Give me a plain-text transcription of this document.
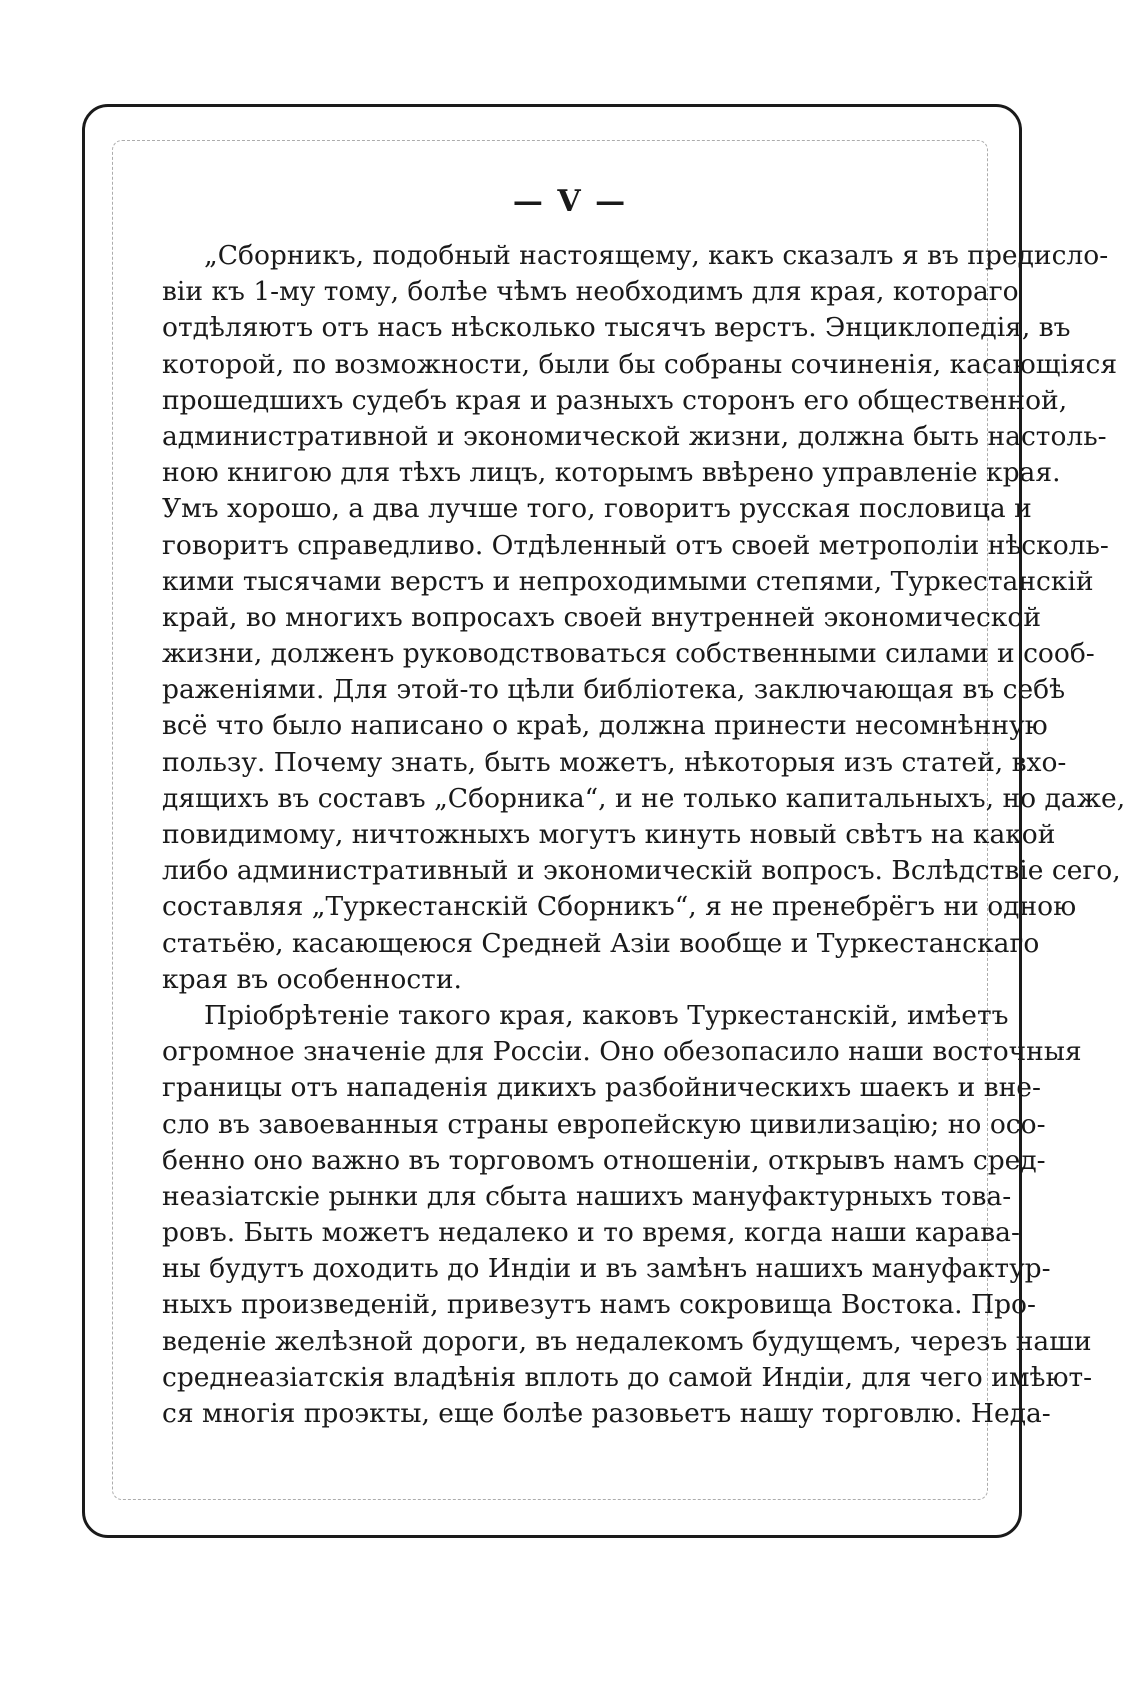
— V —
„Сборникъ, подобный настоящему, какъ сказалъ я въ предисло-
віи къ 1-му тому, болѣе чѣмъ необходимъ для края, котораго
отдѣляютъ отъ насъ нѣсколько тысячъ верстъ. Энциклопедія, въ
которой, по возможности, были бы собраны сочиненія, касающіяся
прошедшихъ судебъ края и разныхъ сторонъ его общественной,
административной и экономической жизни, должна быть настоль-
ною книгою для тѣхъ лицъ, которымъ ввѣрено управленіе края.
Умъ хорошо, а два лучше того, говоритъ русская пословица и
говоритъ справедливо. Отдѣленный отъ своей метрополіи нѣсколь-
кими тысячами верстъ и непроходимыми степями, Туркестанскій
край, во многихъ вопросахъ своей внутренней экономической
жизни, долженъ руководствоваться собственными силами и сооб-
раженіями. Для этой-то цѣли библіотека, заключающая въ себѣ
всё что было написано о краѣ, должна принести несомнѣнную
пользу. Почему знать, быть можетъ, нѣкоторыя изъ статей, вхо-
дящихъ въ составъ „Сборника“, и не только капитальныхъ, но даже,
повидимому, ничтожныхъ могутъ кинуть новый свѣтъ на какой
либо административный и экономическій вопросъ. Вслѣдствіе сего,
составляя „Туркестанскій Сборникъ“, я не пренебрёгъ ни одною
статьёю, касающеюся Средней Азіи вообще и Туркестанскаго
края въ особенности.
Пріобрѣтеніе такого края, каковъ Туркестанскій, имѣетъ
огромное значеніе для Россіи. Оно обезопасило наши восточныя
границы отъ нападенія дикихъ разбойническихъ шаекъ и вне-
сло въ завоеванныя страны европейскую цивилизацію; но осо-
бенно оно важно въ торговомъ отношеніи, открывъ намъ сред-
неазіатскіе рынки для сбыта нашихъ мануфактурныхъ това-
ровъ. Быть можетъ недалеко и то время, когда наши карава-
ны будутъ доходить до Индіи и въ замѣнъ нашихъ мануфактур-
ныхъ произведеній, привезутъ намъ сокровища Востока. Про-
веденіе желѣзной дороги, въ недалекомъ будущемъ, черезъ наши
среднеазіатскія владѣнія вплоть до самой Индіи, для чего имѣют-
ся многія проэкты, еще болѣе разовьетъ нашу торговлю. Неда-
